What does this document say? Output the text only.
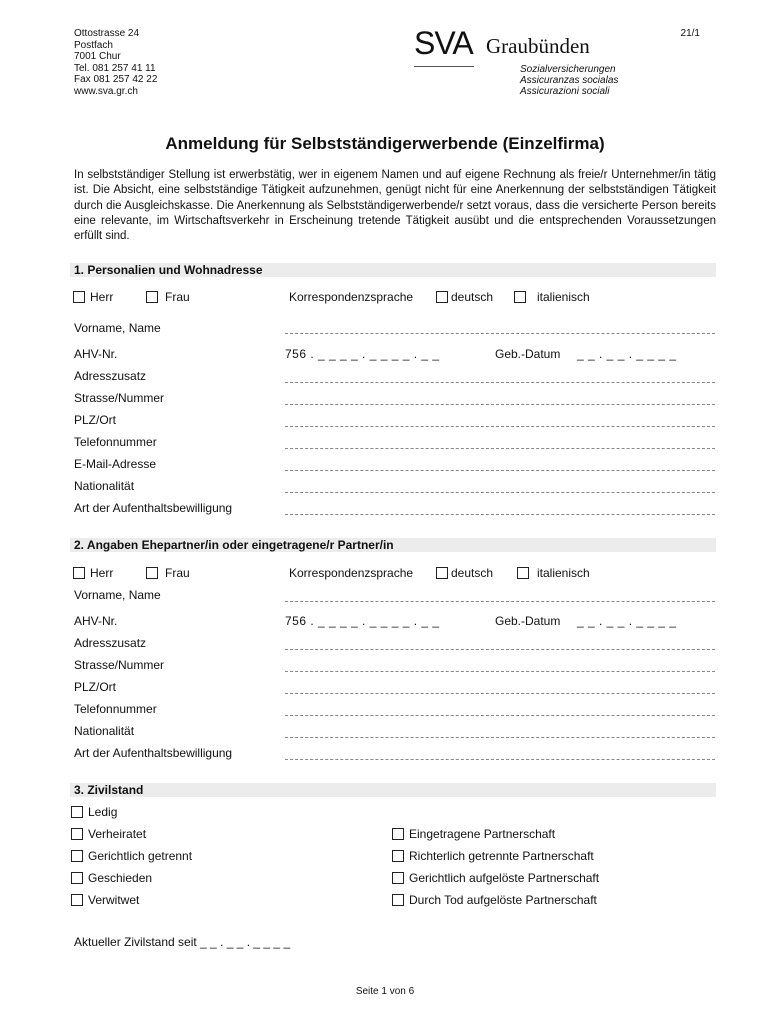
Ottostrasse 24
Postfach
7001 Chur
Tel. 081 257 41 11
Fax 081 257 42 22
www.sva.gr.ch
21/1
SVA Graubünden
Sozialversicherungen
Assicuranzas socialas
Assicurazioni sociali
Anmeldung für Selbstständigerwerbende (Einzelfirma)
In selbstständiger Stellung ist erwerbstätig, wer in eigenem Namen und auf eigene Rechnung als freie/r Unternehmer/in tätig ist. Die Absicht, eine selbstständige Tätigkeit aufzunehmen, genügt nicht für eine Anerkennung der selbstständigen Tätigkeit durch die Ausgleichskasse. Die Anerkennung als Selbstständigerwerbende/r setzt voraus, dass die versicherte Person bereits eine relevante, im Wirtschaftsverkehr in Erscheinung tretende Tätigkeit ausübt und die entsprechenden Voraussetzungen erfüllt sind.
1. Personalien und Wohnadresse
Herr	Frau	Korrespondenzsprache	deutsch	italienisch
Vorname, Name
AHV-Nr.	756 . _ _ _ _ . _ _ _ _ . _ _	Geb.-Datum _ _ . _ _ . _ _ _ _
Adresszusatz
Strasse/Nummer
PLZ/Ort
Telefonnummer
E-Mail-Adresse
Nationalität
Art der Aufenthaltsbewilligung
2. Angaben Ehepartner/in oder eingetragene/r Partner/in
Herr	Frau	Korrespondenzsprache	deutsch	italienisch
Vorname, Name
AHV-Nr.	756 . _ _ _ _ . _ _ _ _ . _ _	Geb.-Datum _ _ . _ _ . _ _ _ _
Adresszusatz
Strasse/Nummer
PLZ/Ort
Telefonnummer
Nationalität
Art der Aufenthaltsbewilligung
3. Zivilstand
Ledig
Verheiratet
Gerichtlich getrennt
Geschieden
Verwitwet
Eingetragene Partnerschaft
Richterlich getrennte Partnerschaft
Gerichtlich aufgelöste Partnerschaft
Durch Tod aufgelöste Partnerschaft
Aktueller Zivilstand seit _ _ . _ _ . _ _ _ _
Seite 1 von 6
